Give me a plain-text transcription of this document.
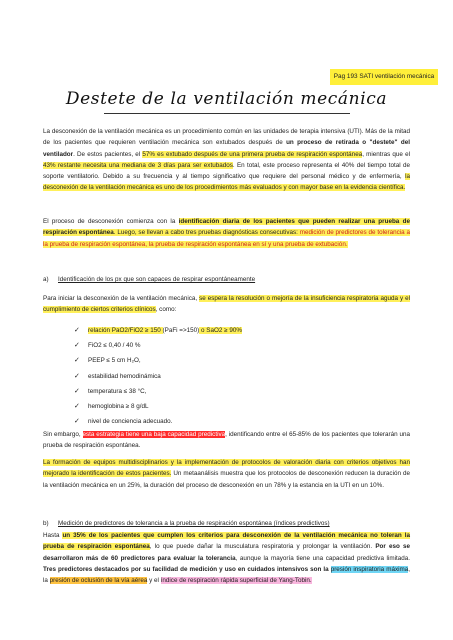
Pag 193 SATI ventilación mecánica
Destete de la ventilación mecánica
La desconexión de la ventilación mecánica es un procedimiento común en las unidades de terapia intensiva (UTI). Más de la mitad de los pacientes que requieren ventilación mecánica son extubados después de un proceso de retirada o "destete" del ventilador. De estos pacientes, el 57% es extubado después de una primera prueba de respiración espontánea, mientras que el 43% restante necesita una mediana de 3 días para ser extubados. En total, este proceso representa el 40% del tiempo total de soporte ventilatorio. Debido a su frecuencia y al tiempo significativo que requiere del personal médico y de enfermería, la desconexión de la ventilación mecánica es uno de los procedimientos más evaluados y con mayor base en la evidencia científica.
El proceso de desconexión comienza con la identificación diaria de los pacientes que pueden realizar una prueba de respiración espontánea. Luego, se llevan a cabo tres pruebas diagnósticas consecutivas: medición de predictores de tolerancia a la prueba de respiración espontánea, la prueba de respiración espontánea en sí y una prueba de extubación.
a) Identificación de los px que son capaces de respirar espontáneamente
Para iniciar la desconexión de la ventilación mecánica, se espera la resolución o mejoría de la insuficiencia respiratoria aguda y el cumplimiento de ciertos criterios clínicos, como:
✓ relación PaO2/FiO2 ≥ 150 (PaFi =>150) o SaO2 ≥ 90%
✓ FiO2 ≤ 0,40 / 40 %
✓ PEEP ≤ 5 cm H₂O,
✓ estabilidad hemodinámica
✓ temperatura ≤ 38 °C,
✓ hemoglobina ≥ 8 g/dL
✓ nivel de conciencia adecuado.
Sin embargo, esta estrategia tiene una baja capacidad predictiva, identificando entre el 65-85% de los pacientes que tolerarán una prueba de respiración espontánea.
La formación de equipos multidisciplinarios y la implementación de protocolos de valoración diaria con criterios objetivos han mejorado la identificación de estos pacientes. Un metaanálisis muestra que los protocolos de desconexión reducen la duración de la ventilación mecánica en un 25%, la duración del proceso de desconexión en un 78% y la estancia en la UTI en un 10%.
b) Medición de predictores de tolerancia a la prueba de respiración espontánea (índices predictivos)
Hasta un 35% de los pacientes que cumplen los criterios para desconexión de la ventilación mecánica no toleran la prueba de respiración espontánea, lo que puede dañar la musculatura respiratoria y prolongar la ventilación. Por eso se desarrollaron más de 60 predictores para evaluar la tolerancia, aunque la mayoría tiene una capacidad predictiva limitada. Tres predictores destacados por su facilidad de medición y uso en cuidados intensivos son la presión inspiratoria máxima, la presión de oclusión de la vía aérea y el índice de respiración rápida superficial de Yang-Tobin.
